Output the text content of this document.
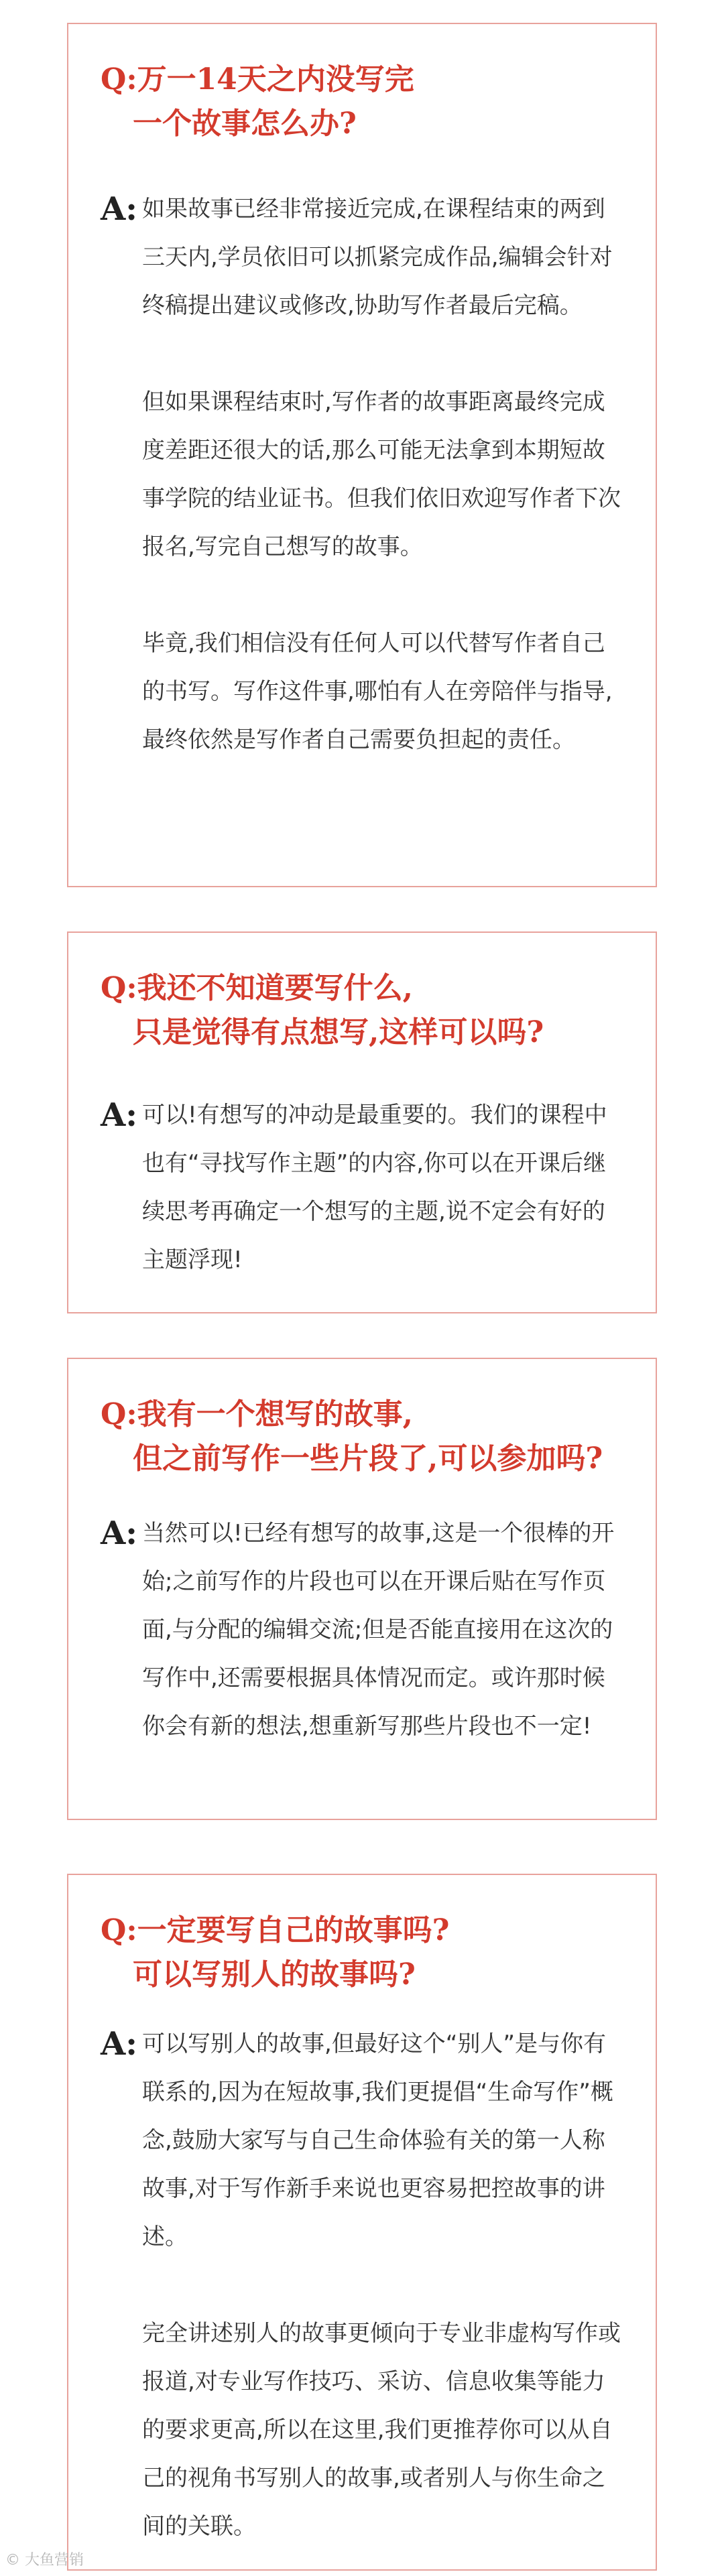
Q:万一14天之内没写完
一个故事怎么办?
A: 如果故事已经非常接近完成,在课程结束的两到三天内,学员依旧可以抓紧完成作品,编辑会针对终稿提出建议或修改,协助写作者最后完稿。

但如果课程结束时,写作者的故事距离最终完成度差距还很大的话,那么可能无法拿到本期短故事学院的结业证书。但我们依旧欢迎写作者下次报名,写完自己想写的故事。

毕竟,我们相信没有任何人可以代替写作者自己的书写。写作这件事,哪怕有人在旁陪伴与指导,最终依然是写作者自己需要负担起的责任。

Q:我还不知道要写什么,
只是觉得有点想写,这样可以吗?
A: 可以!有想写的冲动是最重要的。我们的课程中也有“寻找写作主题”的内容,你可以在开课后继续思考再确定一个想写的主题,说不定会有好的主题浮现!

Q:我有一个想写的故事,
但之前写作一些片段了,可以参加吗?
A: 当然可以!已经有想写的故事,这是一个很棒的开始;之前写作的片段也可以在开课后贴在写作页面,与分配的编辑交流;但是否能直接用在这次的写作中,还需要根据具体情况而定。或许那时候你会有新的想法,想重新写那些片段也不一定!

Q:一定要写自己的故事吗?
可以写别人的故事吗?
A: 可以写别人的故事,但最好这个“别人”是与你有联系的,因为在短故事,我们更提倡“生命写作”概念,鼓励大家写与自己生命体验有关的第一人称故事,对于写作新手来说也更容易把控故事的讲述。

完全讲述别人的故事更倾向于专业非虚构写作或报道,对专业写作技巧、采访、信息收集等能力的要求更高,所以在这里,我们更推荐你可以从自己的视角书写别人的故事,或者别人与你生命之间的关联。

© 大鱼营销
